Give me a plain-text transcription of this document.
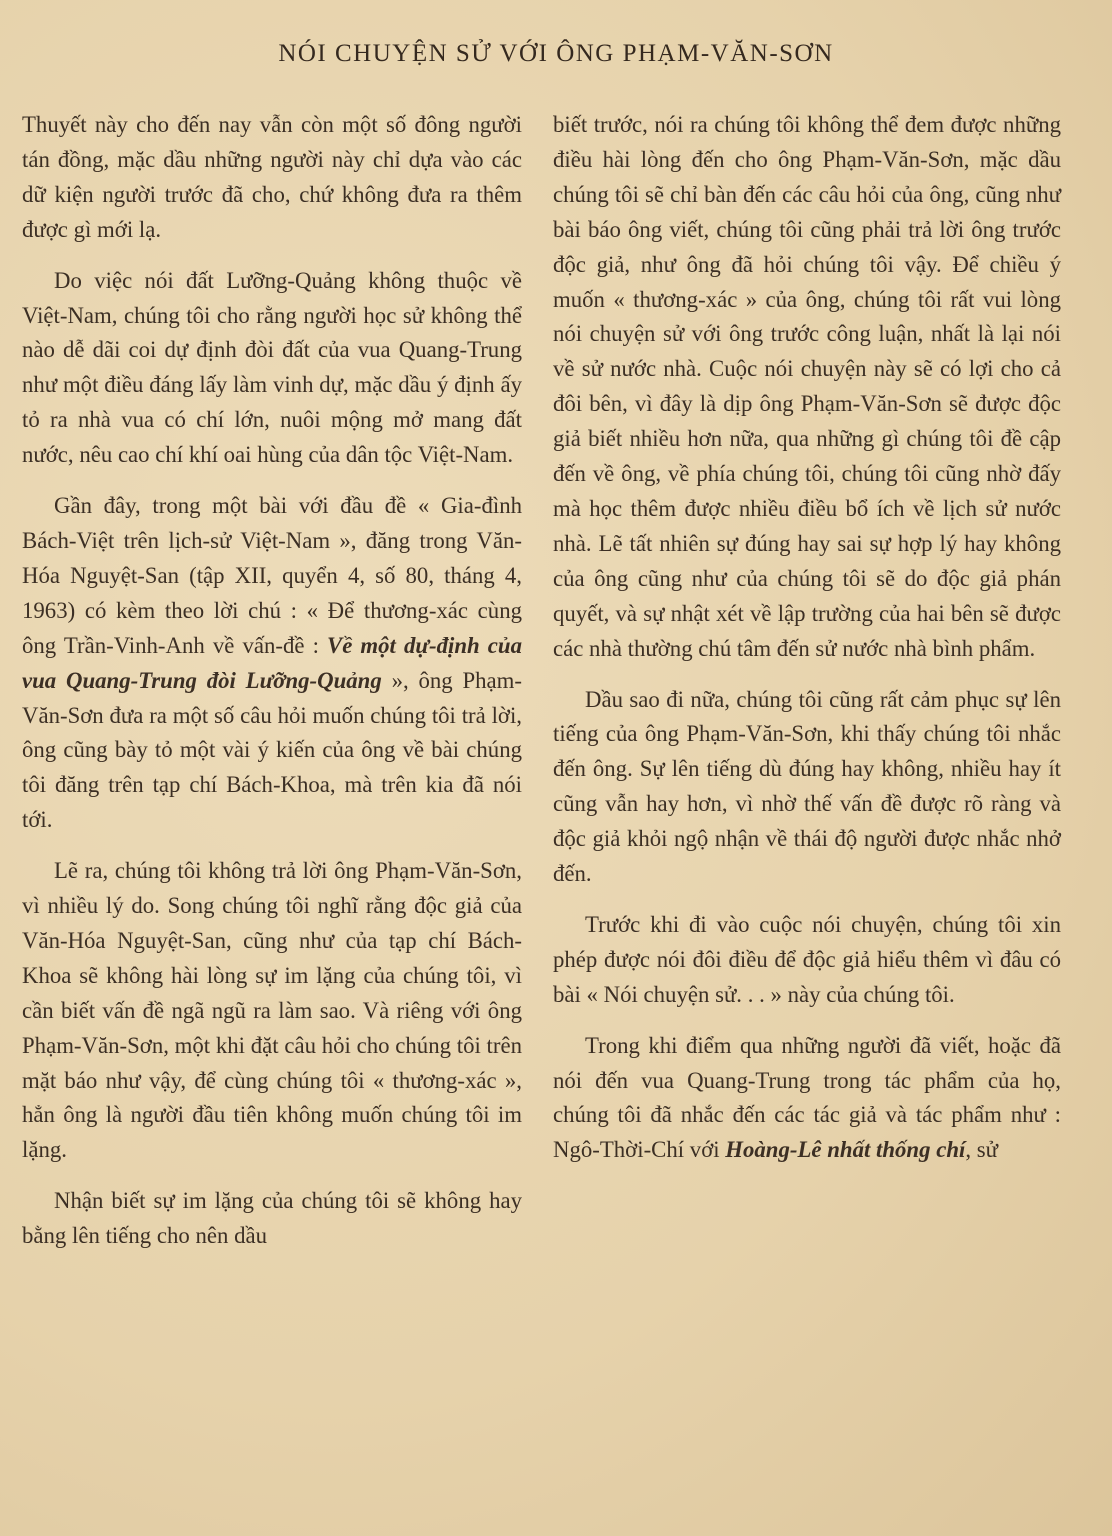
NÓI CHUYỆN SỬ VỚI ÔNG PHẠM-VĂN-SƠN

Thuyết này cho đến nay vẫn còn một số đông người tán đồng, mặc dầu những người này chỉ dựa vào các dữ kiện người trước đã cho, chứ không đưa ra thêm được gì mới lạ.

Do việc nói đất Lưỡng-Quảng không thuộc về Việt-Nam, chúng tôi cho rằng người học sử không thể nào dễ dãi coi dự định đòi đất của vua Quang-Trung như một điều đáng lấy làm vinh dự, mặc dầu ý định ấy tỏ ra nhà vua có chí lớn, nuôi mộng mở mang đất nước, nêu cao chí khí oai hùng của dân tộc Việt-Nam.

Gần đây, trong một bài với đầu đề « Gia-đình Bách-Việt trên lịch-sử Việt-Nam », đăng trong Văn-Hóa Nguyệt-San (tập XII, quyển 4, số 80, tháng 4, 1963) có kèm theo lời chú : « Để thương-xác cùng ông Trần-Vinh-Anh về vấn-đề : Về một dự-định của vua Quang-Trung đòi Lưỡng-Quảng », ông Phạm-Văn-Sơn đưa ra một số câu hỏi muốn chúng tôi trả lời, ông cũng bày tỏ một vài ý kiến của ông về bài chúng tôi đăng trên tạp chí Bách-Khoa, mà trên kia đã nói tới.

Lẽ ra, chúng tôi không trả lời ông Phạm-Văn-Sơn, vì nhiều lý do. Song chúng tôi nghĩ rằng độc giả của Văn-Hóa Nguyệt-San, cũng như của tạp chí Bách-Khoa sẽ không hài lòng sự im lặng của chúng tôi, vì cần biết vấn đề ngã ngũ ra làm sao. Và riêng với ông Phạm-Văn-Sơn, một khi đặt câu hỏi cho chúng tôi trên mặt báo như vậy, để cùng chúng tôi « thương-xác », hẳn ông là người đầu tiên không muốn chúng tôi im lặng.

Nhận biết sự im lặng của chúng tôi sẽ không hay bằng lên tiếng cho nên dầu

biết trước, nói ra chúng tôi không thể đem được những điều hài lòng đến cho ông Phạm-Văn-Sơn, mặc dầu chúng tôi sẽ chỉ bàn đến các câu hỏi của ông, cũng như bài báo ông viết, chúng tôi cũng phải trả lời ông trước độc giả, như ông đã hỏi chúng tôi vậy. Để chiều ý muốn « thương-xác » của ông, chúng tôi rất vui lòng nói chuyện sử với ông trước công luận, nhất là lại nói về sử nước nhà. Cuộc nói chuyện này sẽ có lợi cho cả đôi bên, vì đây là dịp ông Phạm-Văn-Sơn sẽ được độc giả biết nhiều hơn nữa, qua những gì chúng tôi đề cập đến về ông, về phía chúng tôi, chúng tôi cũng nhờ đấy mà học thêm được nhiều điều bổ ích về lịch sử nước nhà. Lẽ tất nhiên sự đúng hay sai sự hợp lý hay không của ông cũng như của chúng tôi sẽ do độc giả phán quyết, và sự nhật xét về lập trường của hai bên sẽ được các nhà thường chú tâm đến sử nước nhà bình phẩm.

Dầu sao đi nữa, chúng tôi cũng rất cảm phục sự lên tiếng của ông Phạm-Văn-Sơn, khi thấy chúng tôi nhắc đến ông. Sự lên tiếng dù đúng hay không, nhiều hay ít cũng vẫn hay hơn, vì nhờ thế vấn đề được rõ ràng và độc giả khỏi ngộ nhận về thái độ người được nhắc nhở đến.

Trước khi đi vào cuộc nói chuyện, chúng tôi xin phép được nói đôi điều để độc giả hiểu thêm vì đâu có bài « Nói chuyện sử. . . » này của chúng tôi.

Trong khi điểm qua những người đã viết, hoặc đã nói đến vua Quang-Trung trong tác phẩm của họ, chúng tôi đã nhắc đến các tác giả và tác phẩm như : Ngô-Thời-Chí với Hoàng-Lê nhất thống chí, sử
